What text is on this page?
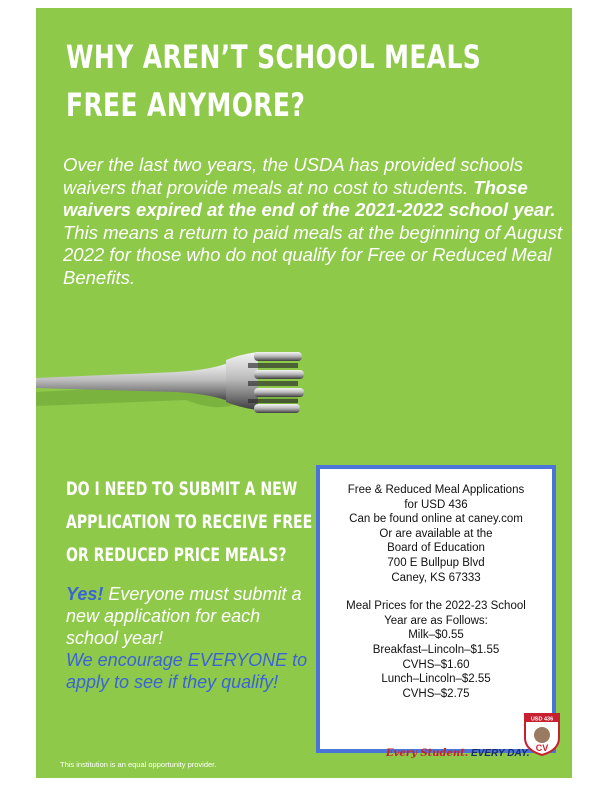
WHY AREN’T SCHOOL MEALS
FREE ANYMORE?
Over the last two years, the USDA has provided schools waivers that provide meals at no cost to students. Those waivers expired at the end of the 2021-2022 school year. This means a return to paid meals at the beginning of August 2022 for those who do not qualify for Free or Reduced Meal Benefits.
DO I NEED TO SUBMIT A NEW
APPLICATION TO RECEIVE FREE
OR REDUCED PRICE MEALS?
Yes! Everyone must submit a new application for each school year!
We encourage EVERYONE to apply to see if they qualify!
Free & Reduced Meal Applications
for USD 436
Can be found online at caney.com
Or are available at the
Board of Education
700 E Bullpup Blvd
Caney, KS 67333
Meal Prices for the 2022-23 School
Year are as Follows:
Milk–$0.55
Breakfast–Lincoln–$1.55
CVHS–$1.60
Lunch–Lincoln–$2.55
CVHS–$2.75
Every Student. EVERY DAY.
USD 436
CV
This institution is an equal opportunity provider.
